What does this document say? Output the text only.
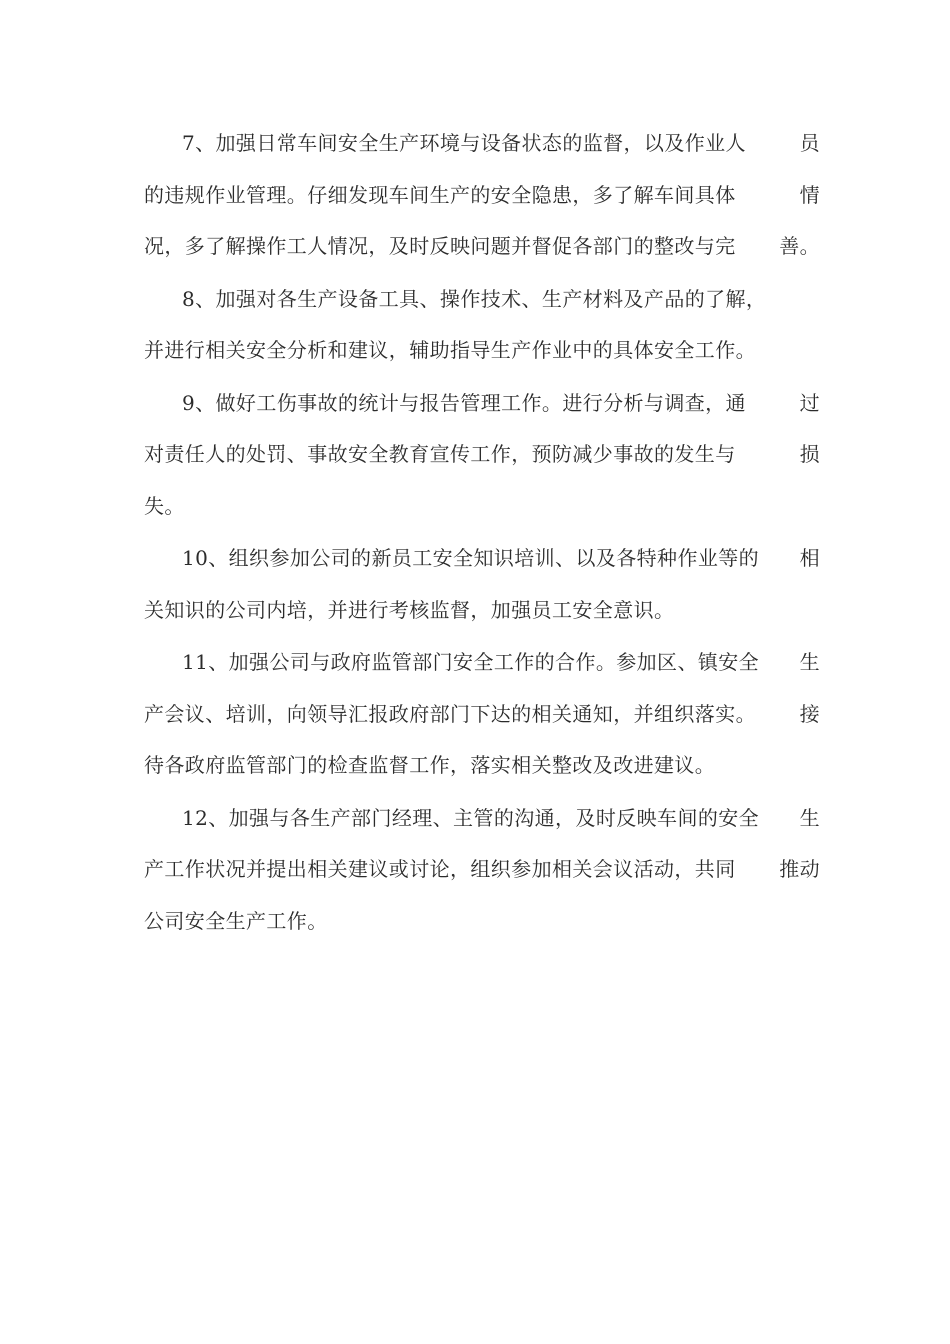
7、加强日常车间安全生产环境与设备状态的监督，以及作业人	员
的违规作业管理。仔细发现车间生产的安全隐患，多了解车间具体	情
况，多了解操作工人情况，及时反映问题并督促各部门的整改与完 善。
8、加强对各生产设备工具、操作技术、生产材料及产品的了解，
并进行相关安全分析和建议，辅助指导生产作业中的具体安全工作。
9、做好工伤事故的统计与报告管理工作。进行分析与调查，通	过
对责任人的处罚、事故安全教育宣传工作，预防减少事故的发生与	损
失。
10、组织参加公司的新员工安全知识培训、以及各特种作业等的 相
关知识的公司内培，并进行考核监督，加强员工安全意识。
11、加强公司与政府监管部门安全工作的合作。参加区、镇安全 生
产会议、培训，向领导汇报政府部门下达的相关通知，并组织落实。 接
待各政府监管部门的检查监督工作，落实相关整改及改进建议。
12、加强与各生产部门经理、主管的沟通，及时反映车间的安全 生
产工作状况并提出相关建议或讨论，组织参加相关会议活动，共同 推动
公司安全生产工作。
